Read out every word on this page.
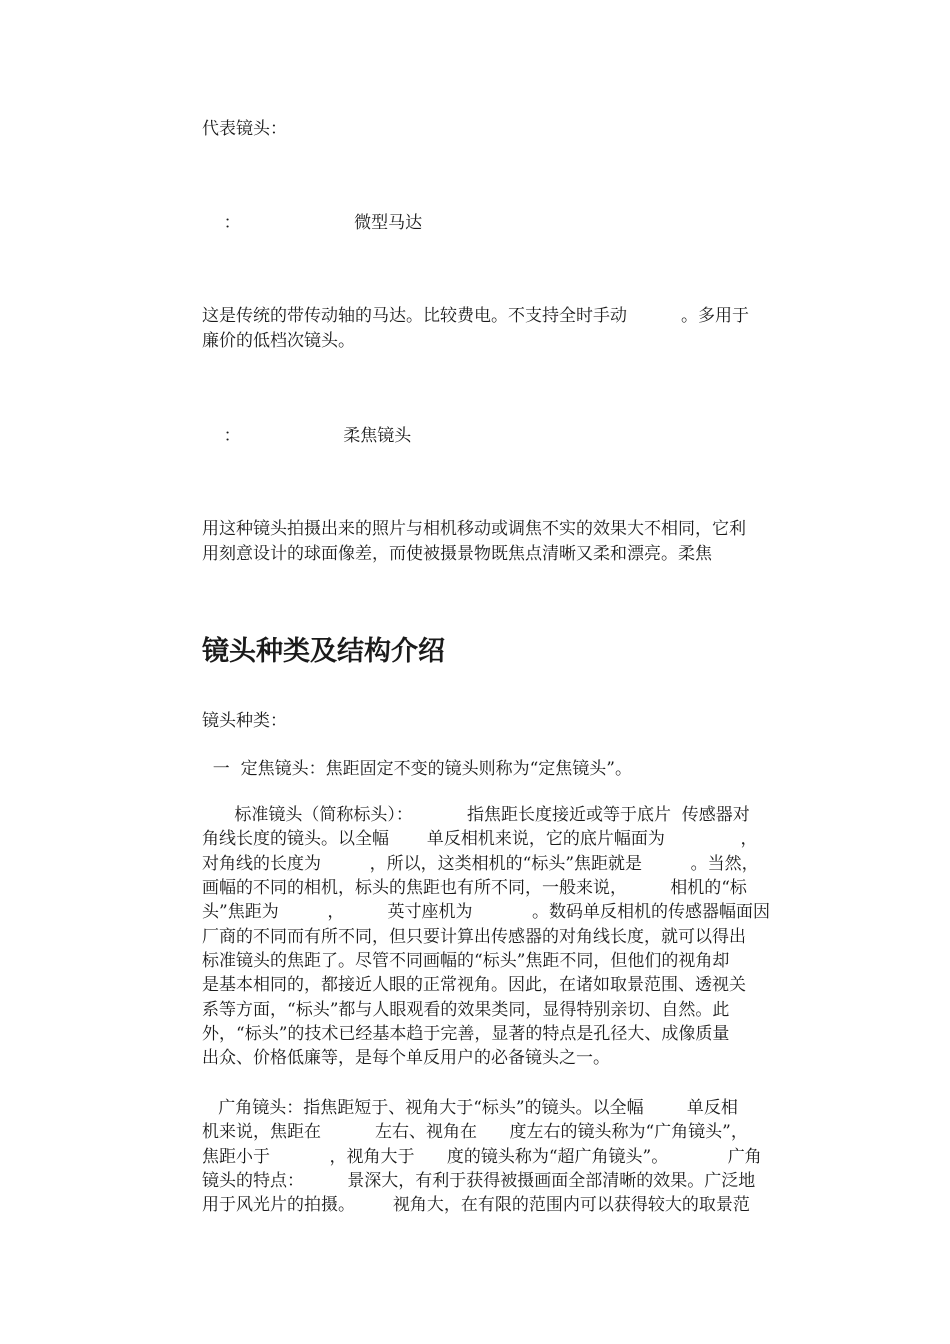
代表镜头：

：                     微型马达

这是传统的带传动轴的马达。比较费电。不支持全时手动          。多用于

廉价的低档次镜头。

：                   柔焦镜头

用这种镜头拍摄出来的照片与相机移动或调焦不实的效果大不相同，它利

用刻意设计的球面像差，而使被摄景物既焦点清晰又柔和漂亮。柔焦

镜头种类及结构介绍

镜头种类：

一  定焦镜头：焦距固定不变的镜头则称为“定焦镜头”。

标准镜头（简称标头）：          指焦距长度接近或等于底片  传感器对

角线长度的镜头。以全幅       单反相机来说，它的底片幅面为              ，

对角线的长度为         ，所以，这类相机的“标头”焦距就是         。当然，

画幅的不同的相机，标头的焦距也有所不同，一般来说，        相机的“标

头”焦距为         ，        英寸座机为           。数码单反相机的传感器幅面因

厂商的不同而有所不同，但只要计算出传感器的对角线长度，就可以得出

标准镜头的焦距了。尽管不同画幅的“标头”焦距不同，但他们的视角却

是基本相同的，都接近人眼的正常视角。因此，在诸如取景范围、透视关

系等方面，“标头”都与人眼观看的效果类同，显得特别亲切、自然。此

外，“标头”的技术已经基本趋于完善，显著的特点是孔径大、成像质量

出众、价格低廉等，是每个单反用户的必备镜头之一。

广角镜头：指焦距短于、视角大于“标头”的镜头。以全幅        单反相

机来说，焦距在          左右、视角在      度左右的镜头称为“广角镜头”，

焦距小于           ，视角大于      度的镜头称为“超广角镜头”。           广角

镜头的特点：        景深大，有利于获得被摄画面全部清晰的效果。广泛地

用于风光片的拍摄。       视角大，在有限的范围内可以获得较大的取景范
